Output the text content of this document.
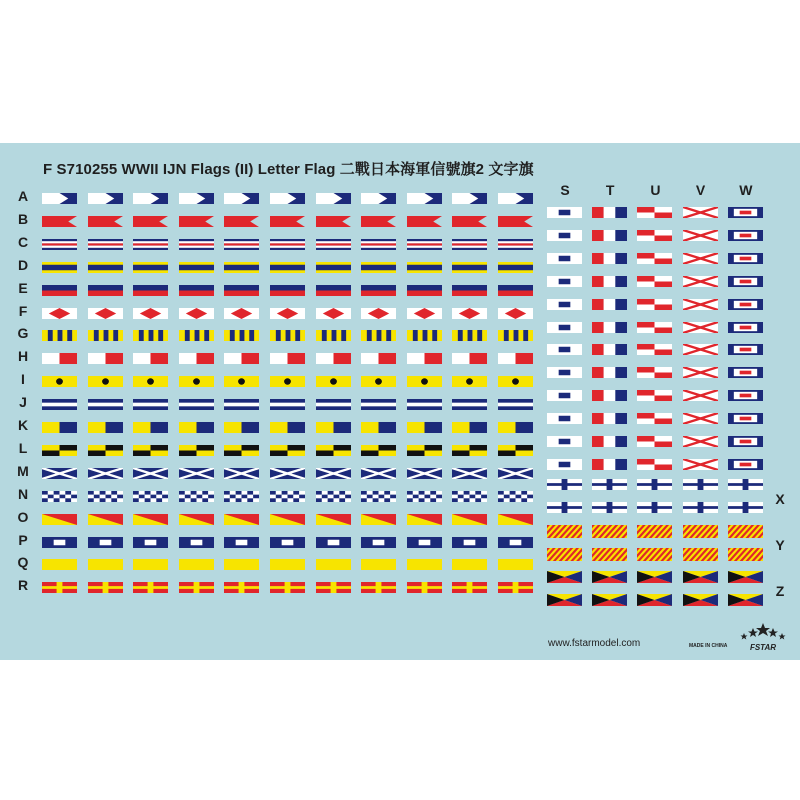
F S710255 WWII IJN Flags (II) Letter Flag 二戰日本海軍信號旗2 文字旗
A
B
C
D
E
F
G
H
I
J
K
L
M
N
O
P
Q
R
S	T	U	V	W
X
Y
Z
www.fstarmodel.com	MADE IN CHINA	FSTAR
